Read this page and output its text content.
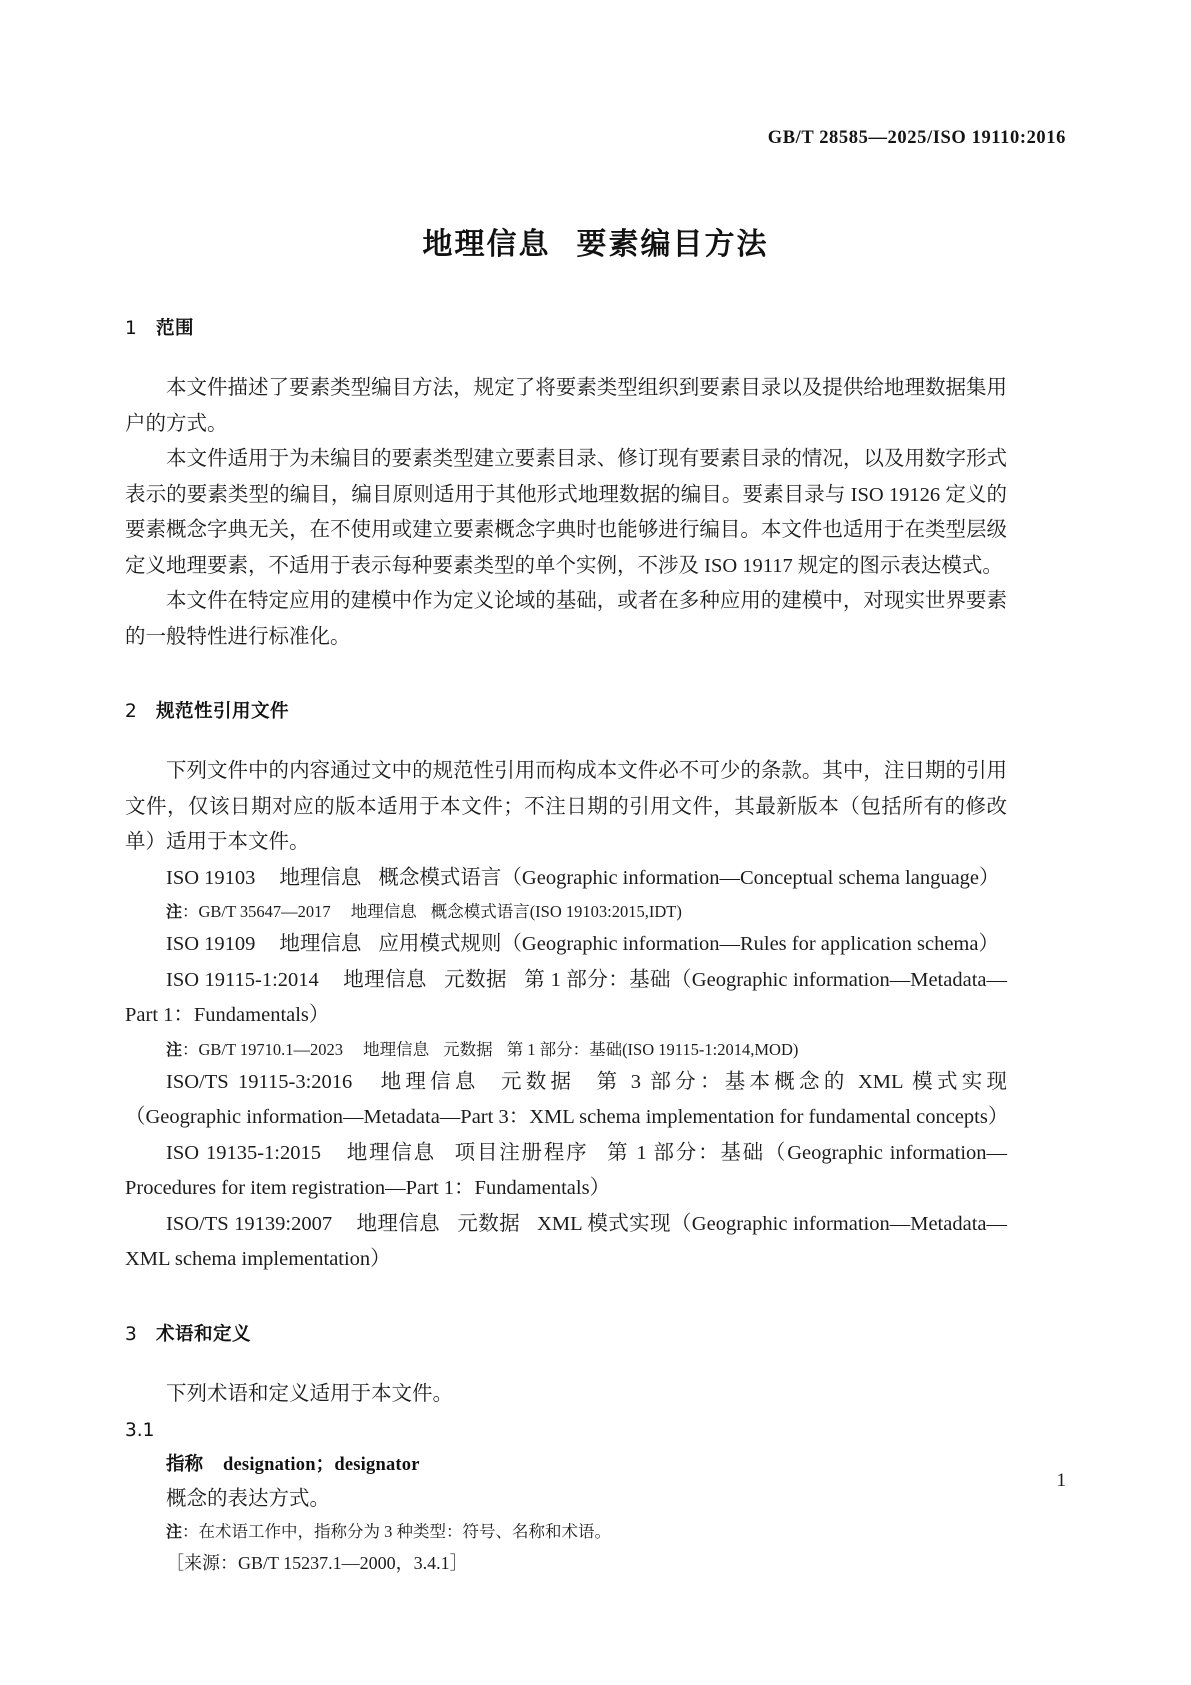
GB/T 28585—2025/ISO 19110:2016
地理信息 要素编目方法
1 范围

本文件描述了要素类型编目方法，规定了将要素类型组织到要素目录以及提供给地理数据集用户的方式。

本文件适用于为未编目的要素类型建立要素目录、修订现有要素目录的情况，以及用数字形式表示的要素类型的编目，编目原则适用于其他形式地理数据的编目。要素目录与 ISO 19126 定义的要素概念字典无关，在不使用或建立要素概念字典时也能够进行编目。本文件也适用于在类型层级定义地理要素，不适用于表示每种要素类型的单个实例，不涉及 ISO 19117 规定的图示表达模式。

本文件在特定应用的建模中作为定义论域的基础，或者在多种应用的建模中，对现实世界要素的一般特性进行标准化。

2 规范性引用文件

下列文件中的内容通过文中的规范性引用而构成本文件必不可少的条款。其中，注日期的引用文件，仅该日期对应的版本适用于本文件；不注日期的引用文件，其最新版本（包括所有的修改单）适用于本文件。

ISO 19103 地理信息 概念模式语言（Geographic information—Conceptual schema language）

注：GB/T 35647—2017 地理信息 概念模式语言(ISO 19103:2015,IDT)

ISO 19109 地理信息 应用模式规则（Geographic information—Rules for application schema）

ISO 19115-1:2014 地理信息 元数据 第 1 部分：基础（Geographic information—Metadata—Part 1：Fundamentals）

注：GB/T 19710.1—2023 地理信息 元数据 第 1 部分：基础(ISO 19115-1:2014,MOD)

ISO/TS 19115-3:2016 地理信息 元数据 第 3 部分：基本概念的 XML 模式实现（Geographic information—Metadata—Part 3：XML schema implementation for fundamental concepts）

ISO 19135-1:2015 地理信息 项目注册程序 第 1 部分：基础（Geographic information—Procedures for item registration—Part 1：Fundamentals）

ISO/TS 19139:2007 地理信息 元数据 XML 模式实现（Geographic information—Metadata—XML schema implementation）

3 术语和定义

下列术语和定义适用于本文件。

3.1

指称 designation；designator

概念的表达方式。

注：在术语工作中，指称分为 3 种类型：符号、名称和术语。

［来源：GB/T 15237.1—2000，3.4.1］

1
